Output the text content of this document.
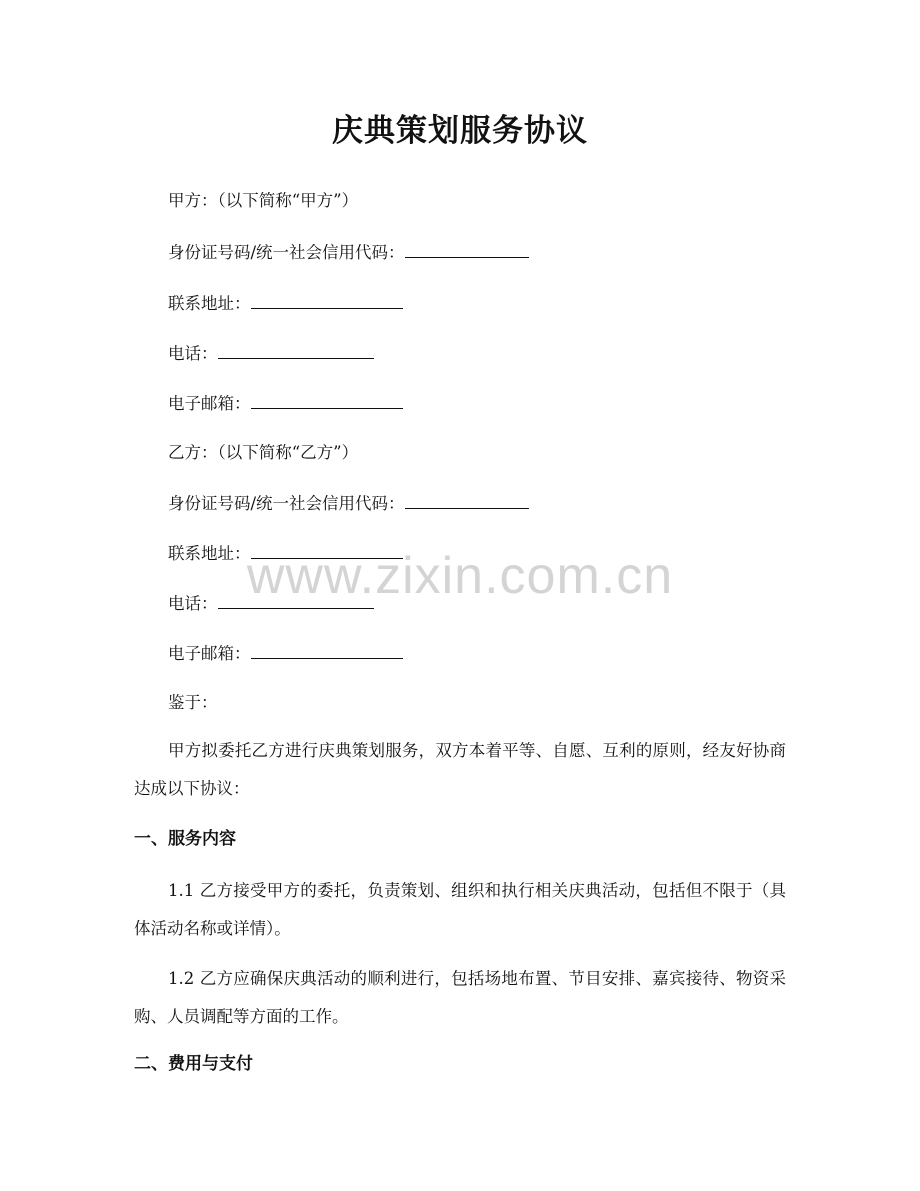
庆典策划服务协议
甲方：（以下简称“甲方”）
身份证号码/统一社会信用代码：
联系地址：
电话：
电子邮箱：
乙方：（以下简称“乙方”）
身份证号码/统一社会信用代码：
联系地址：
电话：
电子邮箱：
鉴于：

甲方拟委托乙方进行庆典策划服务，双方本着平等、自愿、互利的原则，经友好协商达成以下协议：

一、服务内容

1.1 乙方接受甲方的委托，负责策划、组织和执行相关庆典活动，包括但不限于（具体活动名称或详情）。

1.2 乙方应确保庆典活动的顺利进行，包括场地布置、节目安排、嘉宾接待、物资采购、人员调配等方面的工作。

二、费用与支付
www.zixin.com.cn
